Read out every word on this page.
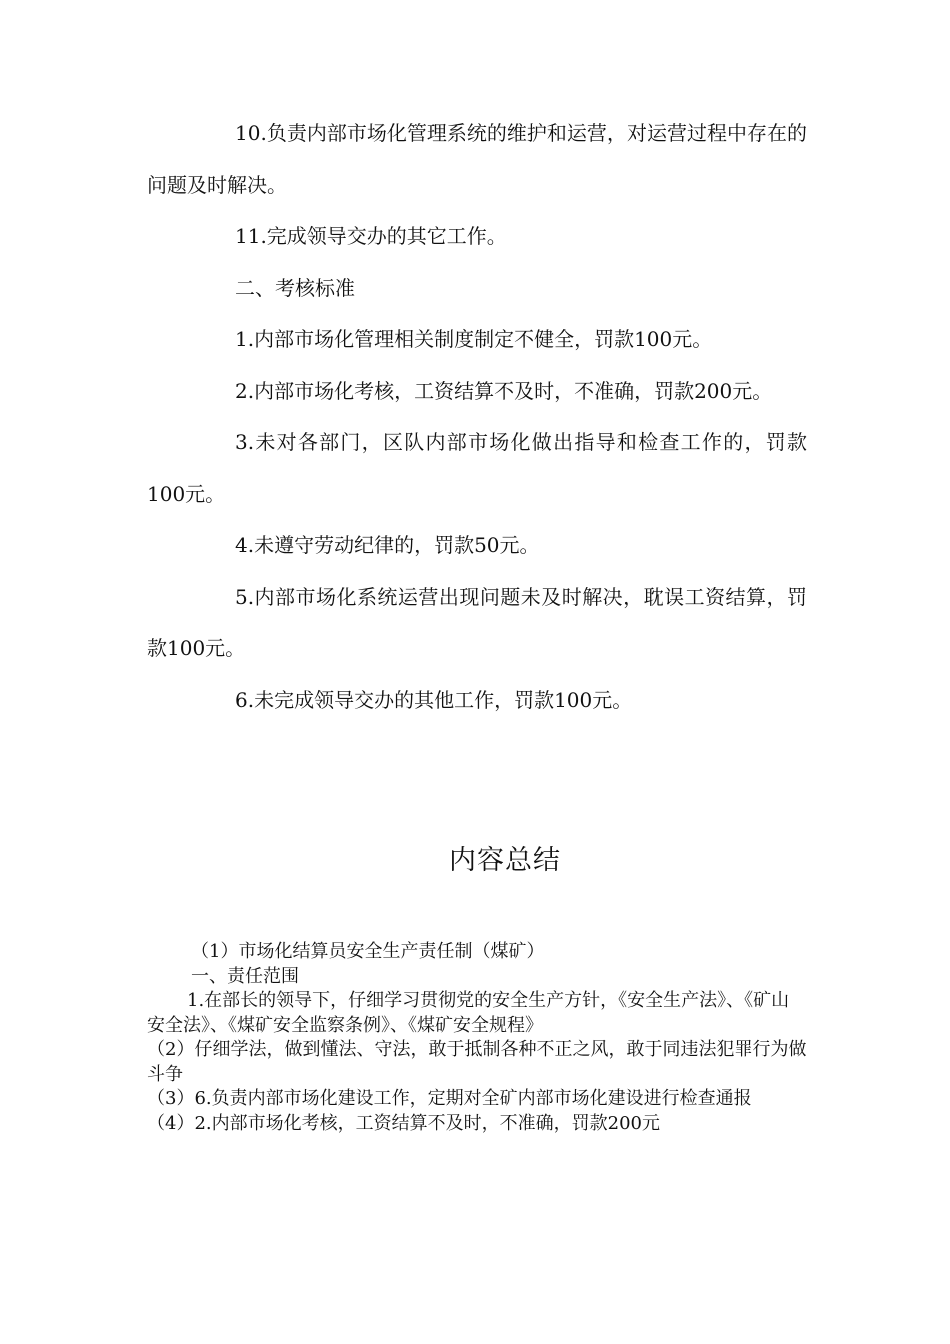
10.负责内部市场化管理系统的维护和运营，对运营过程中存在的问题及时解决。

11.完成领导交办的其它工作。

二、考核标准

1.内部市场化管理相关制度制定不健全，罚款100元。

2.内部市场化考核，工资结算不及时，不准确，罚款200元。

3.未对各部门，区队内部市场化做出指导和检查工作的，罚款100元。

4.未遵守劳动纪律的，罚款50元。

5.内部市场化系统运营出现问题未及时解决，耽误工资结算，罚款100元。

6.未完成领导交办的其他工作，罚款100元。

内容总结

（1）市场化结算员安全生产责任制（煤矿）

一、责任范围

1.在部长的领导下，仔细学习贯彻党的安全生产方针，《安全生产法》、《矿山安全法》、《煤矿安全监察条例》、《煤矿安全规程》

（2）仔细学法，做到懂法、守法，敢于抵制各种不正之风，敢于同违法犯罪行为做斗争

（3）6.负责内部市场化建设工作，定期对全矿内部市场化建设进行检查通报

（4）2.内部市场化考核，工资结算不及时，不准确，罚款200元
